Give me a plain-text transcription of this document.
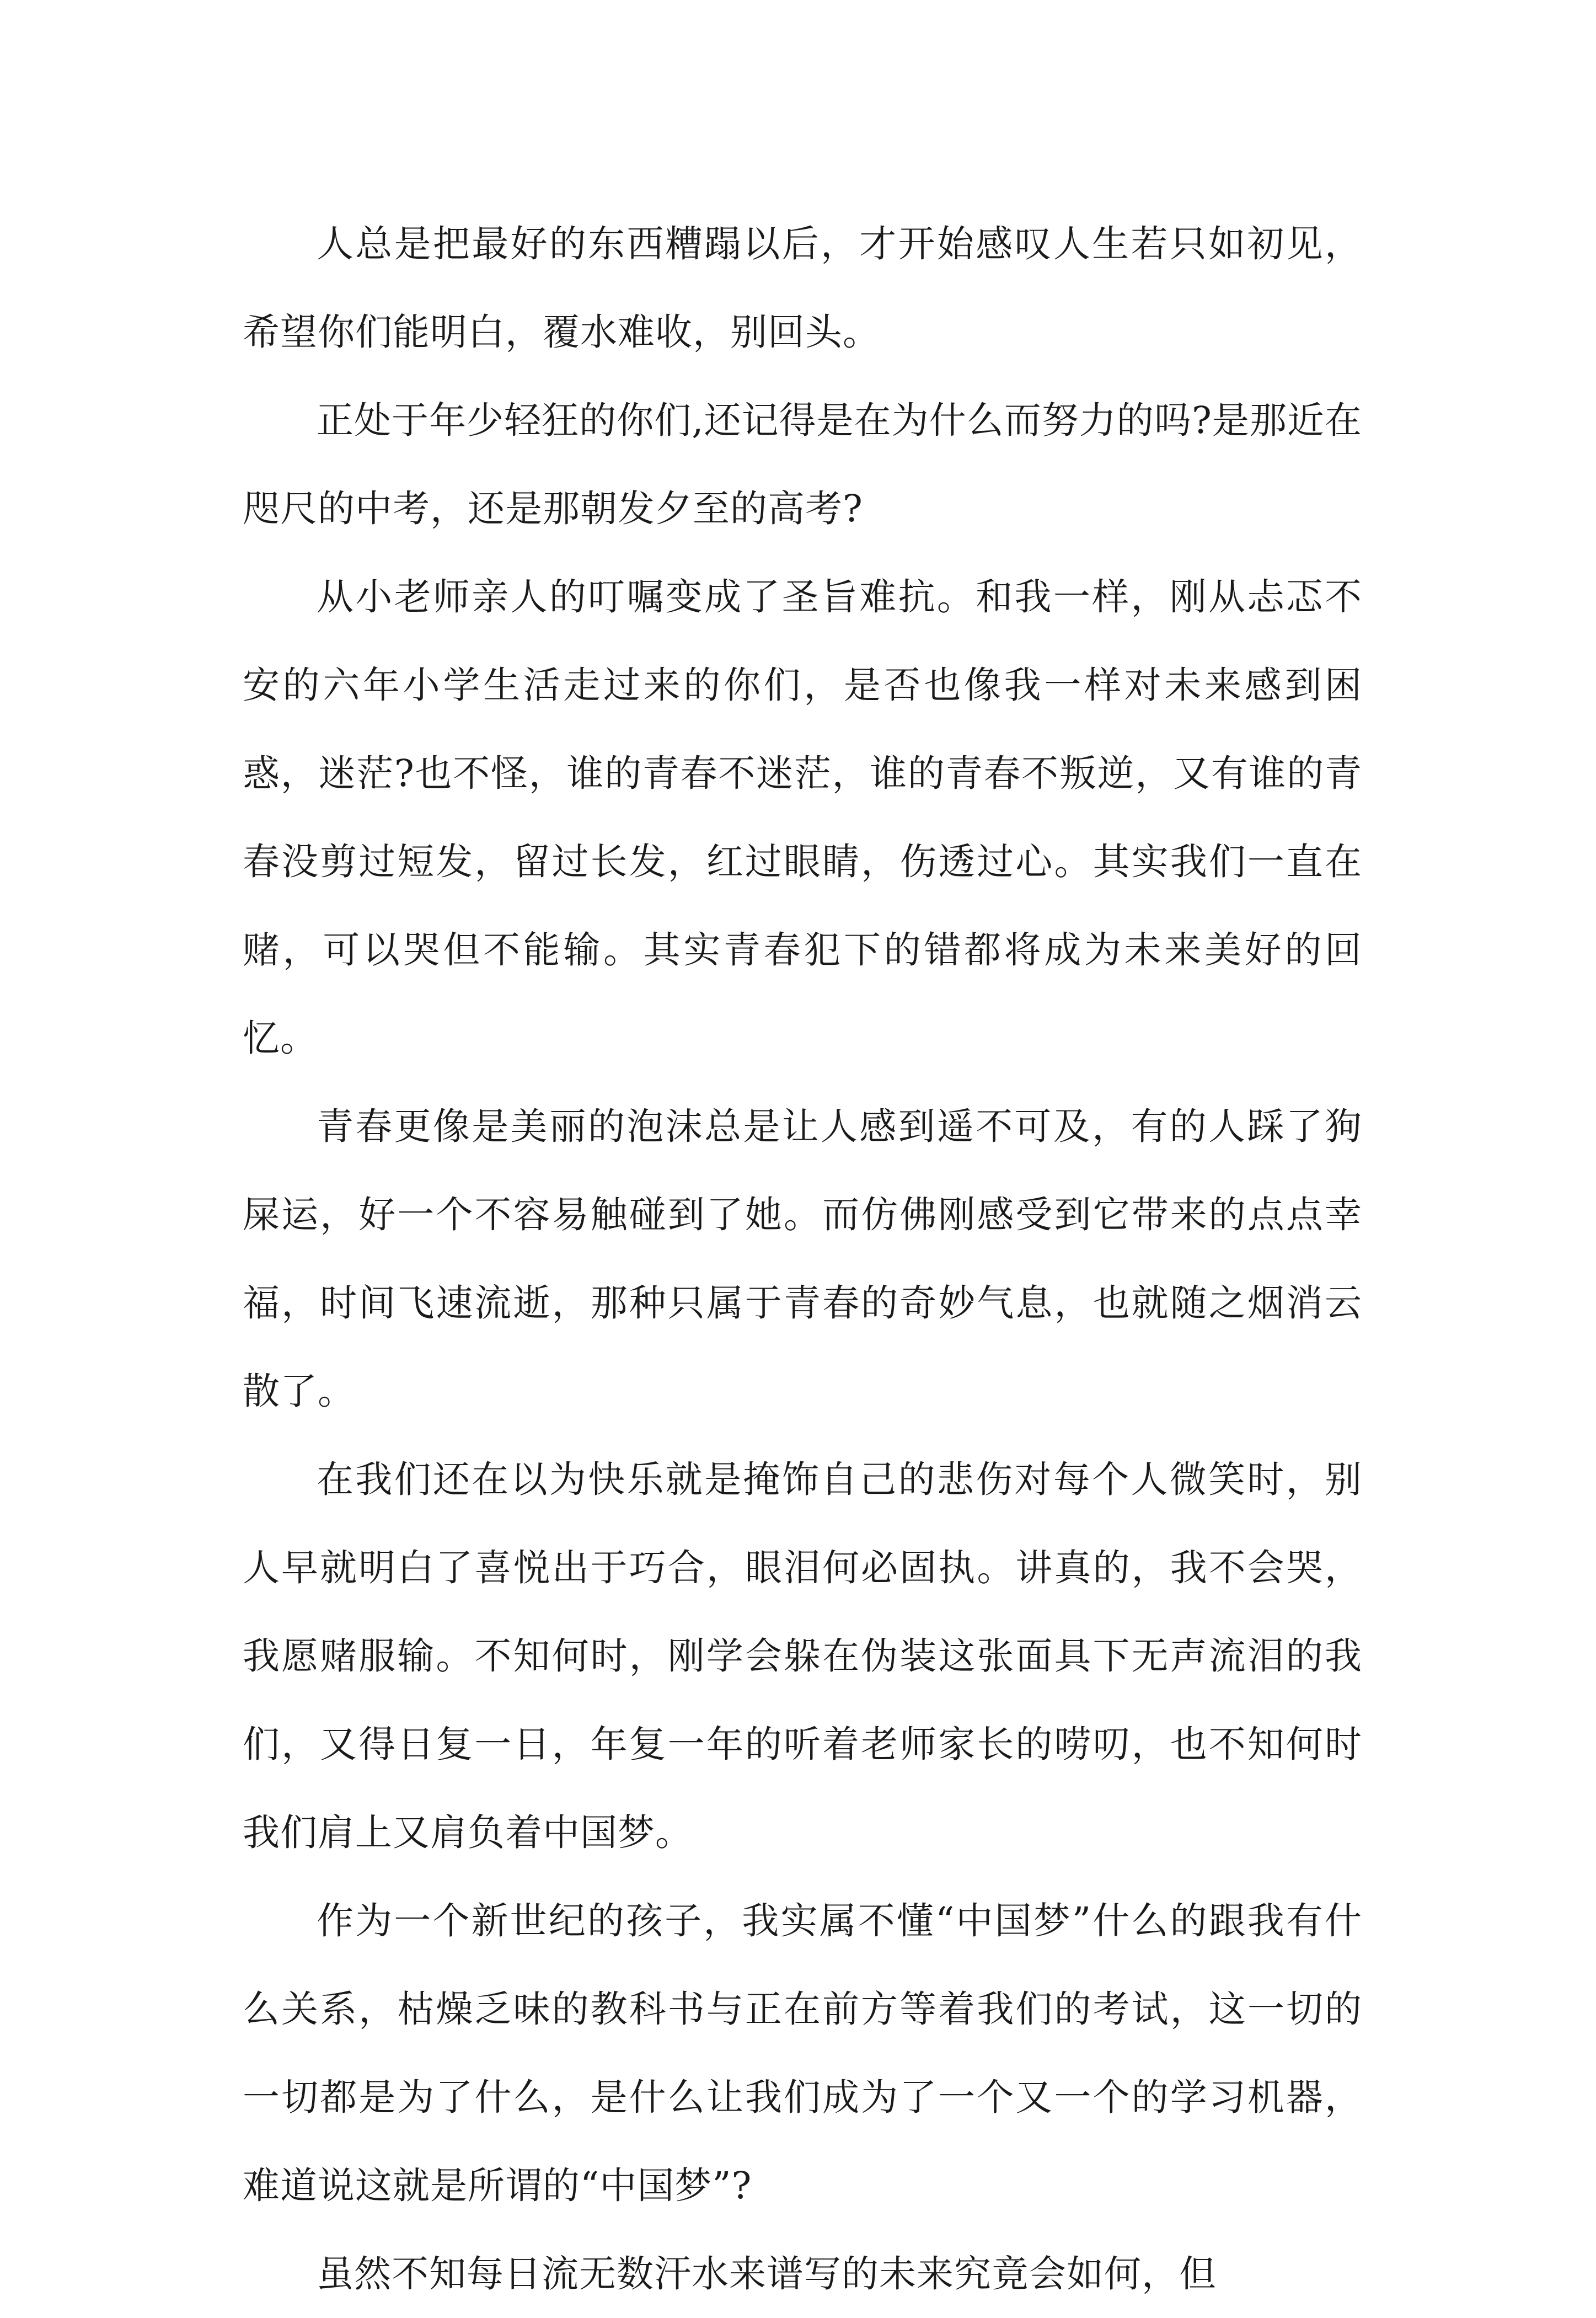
人总是把最好的东西糟蹋以后，才开始感叹人生若只如初见，希望你们能明白，覆水难收，别回头。

正处于年少轻狂的你们,还记得是在为什么而努力的吗?是那近在咫尺的中考，还是那朝发夕至的高考?

从小老师亲人的叮嘱变成了圣旨难抗。和我一样，刚从忐忑不安的六年小学生活走过来的你们，是否也像我一样对未来感到困惑，迷茫?也不怪，谁的青春不迷茫，谁的青春不叛逆，又有谁的青春没剪过短发，留过长发，红过眼睛，伤透过心。其实我们一直在赌，可以哭但不能输。其实青春犯下的错都将成为未来美好的回忆。

青春更像是美丽的泡沫总是让人感到遥不可及，有的人踩了狗屎运，好一个不容易触碰到了她。而仿佛刚感受到它带来的点点幸福，时间飞速流逝，那种只属于青春的奇妙气息，也就随之烟消云散了。

在我们还在以为快乐就是掩饰自己的悲伤对每个人微笑时，别人早就明白了喜悦出于巧合，眼泪何必固执。讲真的，我不会哭，我愿赌服输。不知何时，刚学会躲在伪装这张面具下无声流泪的我们，又得日复一日，年复一年的听着老师家长的唠叨，也不知何时我们肩上又肩负着中国梦。

作为一个新世纪的孩子，我实属不懂“中国梦”什么的跟我有什么关系，枯燥乏味的教科书与正在前方等着我们的考试，这一切的一切都是为了什么，是什么让我们成为了一个又一个的学习机器，难道说这就是所谓的“中国梦”?

虽然不知每日流无数汗水来谱写的未来究竟会如何，但
